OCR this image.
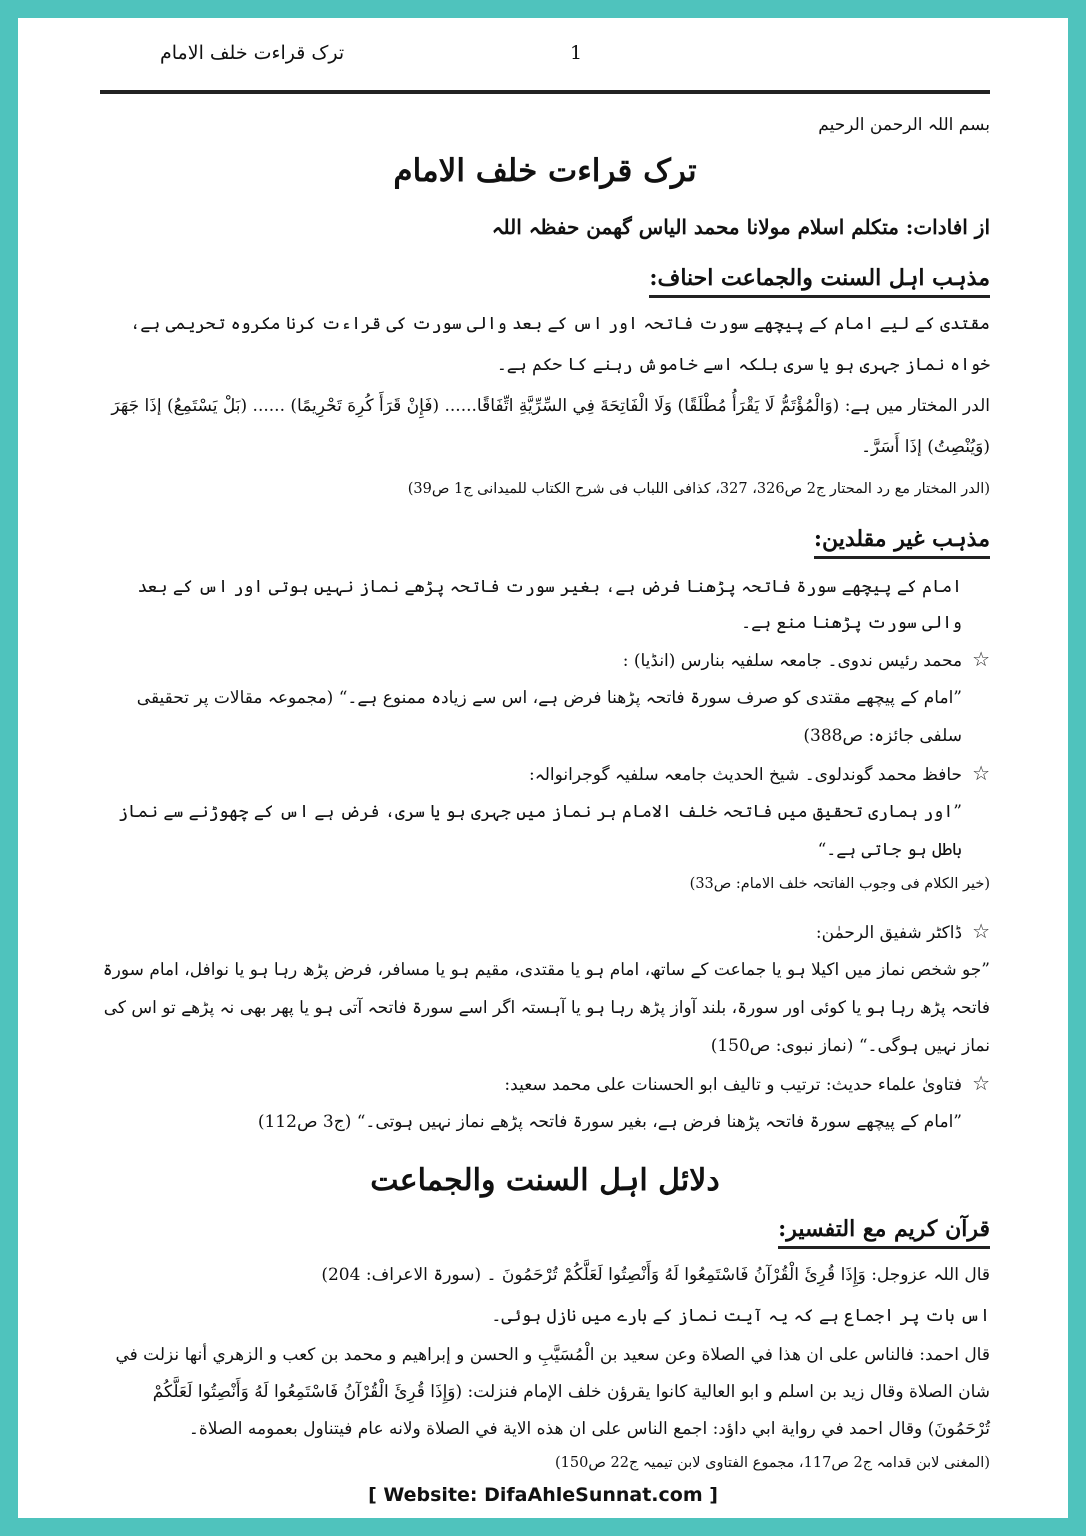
ترک قراءت خلف الامام	1
بسم اللہ الرحمن الرحیم
ترک قراءت خلف الامام
از افادات: متکلم اسلام مولانا محمد الیاس گھمن حفظہ اللہ
مذہب اہل السنت والجماعت احناف:
مقتدی کے لیے امام کے پیچھے سورت فاتحہ اور اس کے بعد والی سورت کی قراءت کرنا مکروہ تحریمی ہے، خواہ نماز جہری ہو یا سری بلکہ اسے خاموش رہنے کا حکم ہے۔
الدر المختار میں ہے: (وَالْمُؤْتَمُّ لَا يَقْرَأُ مُطْلَقًا) وَلَا الْفَاتِحَةَ فِي السِّرِّيَّةِ اتِّفَاقًا...... (فَإِنْ قَرَأَ كُرِهَ تَحْرِيمًا) ...... (بَلْ يَسْتَمِعُ) إذَا جَهَرَ (وَيُنْصِتُ) إذَا أَسَرَّ۔
(الدر المختار مع رد المحتار ج2 ص326، 327، کذافی اللباب فی شرح الکتاب للمیدانی ج1 ص39)
مذہب غیر مقلدین:
امام کے پیچھے سورۃ فاتحہ پڑھنا فرض ہے، بغیر سورت فاتحہ پڑھے نماز نہیں ہوتی اور اس کے بعد والی سورت پڑھنا منع ہے۔
☆محمد رئیس ندوی۔ جامعہ سلفیہ بنارس (انڈیا) :
”امام کے پیچھے مقتدی کو صرف سورۃ فاتحہ پڑھنا فرض ہے، اس سے زیادہ ممنوع ہے۔“ (مجموعہ مقالات پر تحقیقی سلفی جائزہ: ص388)
☆حافظ محمد گوندلوی۔ شیخ الحدیث جامعہ سلفیہ گوجرانوالہ:
”اور ہماری تحقیق میں فاتحہ خلف الامام ہر نماز میں جہری ہو یا سری، فرض ہے اس کے چھوڑنے سے نماز باطل ہو جاتی ہے۔“
(خیر الکلام فی وجوب الفاتحہ خلف الامام: ص33)
☆ڈاکٹر شفیق الرحمٰن:
”جو شخص نماز میں اکیلا ہو یا جماعت کے ساتھ، امام ہو یا مقتدی، مقیم ہو یا مسافر، فرض پڑھ رہا ہو یا نوافل، امام سورۃ فاتحہ پڑھ رہا ہو یا کوئی اور سورۃ، بلند آواز پڑھ رہا ہو یا آہستہ اگر اسے سورۃ فاتحہ آتی ہو یا پھر بھی نہ پڑھے تو اس کی نماز نہیں ہوگی۔“ (نماز نبوی: ص150)
☆فتاویٰ علماء حدیث: ترتیب و تالیف ابو الحسنات علی محمد سعید:
”امام کے پیچھے سورۃ فاتحہ پڑھنا فرض ہے، بغیر سورۃ فاتحہ پڑھے نماز نہیں ہوتی۔“ (ج3 ص112)
دلائل اہل السنت والجماعت
قرآن کریم مع التفسیر:
قال اللہ عزوجل: وَإِذَا قُرِئَ الْقُرْآنُ فَاسْتَمِعُوا لَهُ وَأَنْصِتُوا لَعَلَّكُمْ تُرْحَمُونَ ۔ (سورۃ الاعراف: 204)
اس بات پر اجماع ہے کہ یہ آیت نماز کے بارے میں نازل ہوئی۔
قال احمد: فالناس على ان هذا في الصلاة وعن سعيد بن الْمُسَيَّبِ و الحسن و إبراهيم و محمد بن كعب و الزهري أنها نزلت في شان الصلاة وقال زيد بن اسلم و ابو العالية كانوا يقرؤن خلف الإمام فنزلت: (وَإِذَا قُرِئَ الْقُرْآنُ فَاسْتَمِعُوا لَهُ وَأَنْصِتُوا لَعَلَّكُمْ تُرْحَمُونَ) وقال احمد في رواية ابي داؤد: اجمع الناس على ان هذه الاية في الصلاة ولانه عام فيتناول بعمومه الصلاة۔
(المغنی لابن قدامہ ج2 ص117، مجموع الفتاوی لابن تیمیہ ج22 ص150)
[ Website: DifaAhleSunnat.com ]
